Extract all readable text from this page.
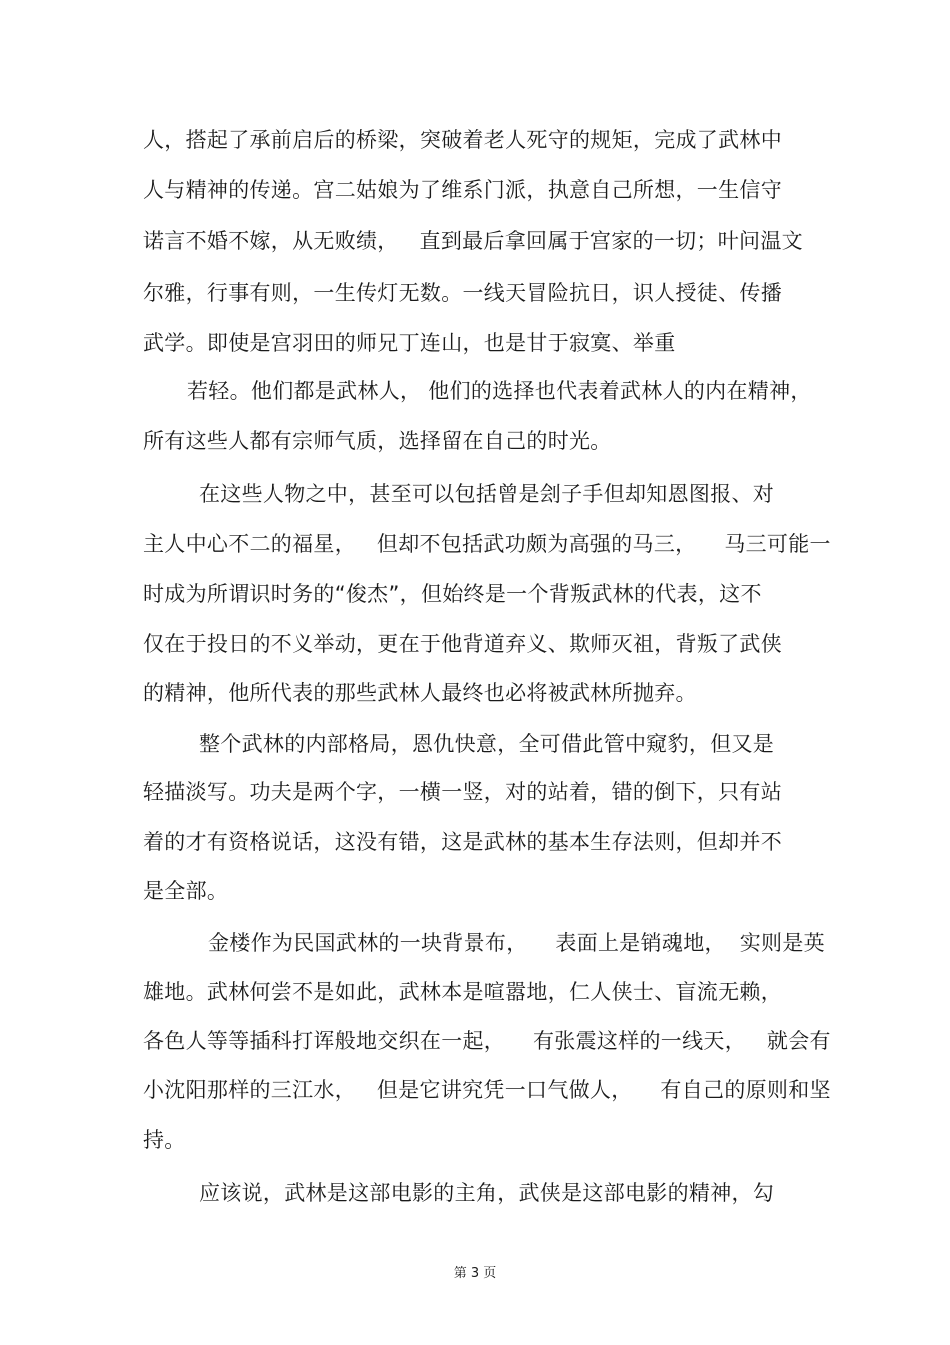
人，搭起了承前启后的桥梁，突破着老人死守的规矩，完成了武林中
人与精神的传递。宫二姑娘为了维系门派，执意自己所想，一生信守
诺言不婚不嫁，从无败绩，   直到最后拿回属于宫家的一切；叶问温文
尔雅，行事有则，一生传灯无数。一线天冒险抗日，识人授徒、传播
武学。即使是宫羽田的师兄丁连山，也是甘于寂寞、举重
若轻。他们都是武林人， 他们的选择也代表着武林人的内在精神，
所有这些人都有宗师气质，选择留在自己的时光。
在这些人物之中，甚至可以包括曾是刽子手但却知恩图报、对
主人中心不二的福星，   但却不包括武功颇为高强的马三，    马三可能一
时成为所谓识时务的“俊杰”，但始终是一个背叛武林的代表，这不
仅在于投日的不义举动，更在于他背道弃义、欺师灭祖，背叛了武侠
的精神，他所代表的那些武林人最终也必将被武林所抛弃。
整个武林的内部格局，恩仇快意，全可借此管中窥豹，但又是
轻描淡写。功夫是两个字，一横一竖，对的站着，错的倒下，只有站
着的才有资格说话，这没有错，这是武林的基本生存法则，但却并不
是全部。
金楼作为民国武林的一块背景布，    表面上是销魂地，  实则是英
雄地。武林何尝不是如此，武林本是喧嚣地，仁人侠士、盲流无赖，
各色人等等插科打诨般地交织在一起，    有张震这样的一线天，   就会有
小沈阳那样的三江水，   但是它讲究凭一口气做人，    有自己的原则和坚
持。
应该说，武林是这部电影的主角，武侠是这部电影的精神，勾
第 3 页
